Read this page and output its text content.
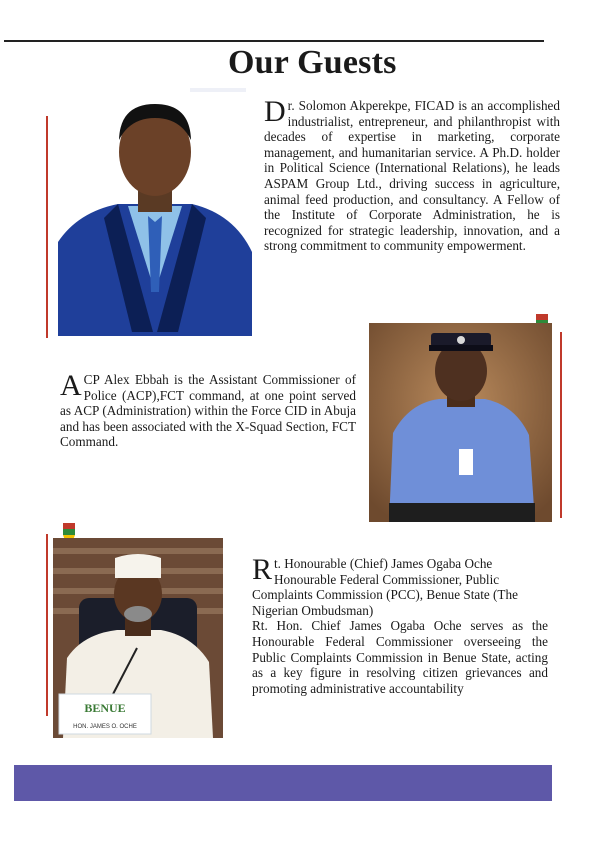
Our Guests
Dr. Solomon Akperekpe, FICAD is an accomplished industrialist, entrepreneur, and philanthropist with decades of expertise in marketing, corporate management, and humanitarian service. A Ph.D. holder in Political Science (International Relations), he leads ASPAM Group Ltd., driving success in agriculture, animal feed production, and consultancy. A Fellow of the Institute of Corporate Administration, he is recognized for strategic leadership, innovation, and a strong commitment to community empowerment.
ACP Alex Ebbah is the Assistant Commissioner of Police (ACP),FCT command, at one point served as ACP (Administration) within the Force CID in Abuja and has been associated with the X-Squad Section, FCT Command.
BENUE
HON. JAMES O. OCHE

Rt. Honourable (Chief) James Ogaba Oche Honourable Federal Commissioner, Public Complaints Commission (PCC), Benue State (The Nigerian Ombudsman)

Rt. Hon. Chief James Ogaba Oche serves as the Honourable Federal Commissioner overseeing the Public Complaints Commission in Benue State, acting as a key figure in resolving citizen grievances and promoting administrative accountability
